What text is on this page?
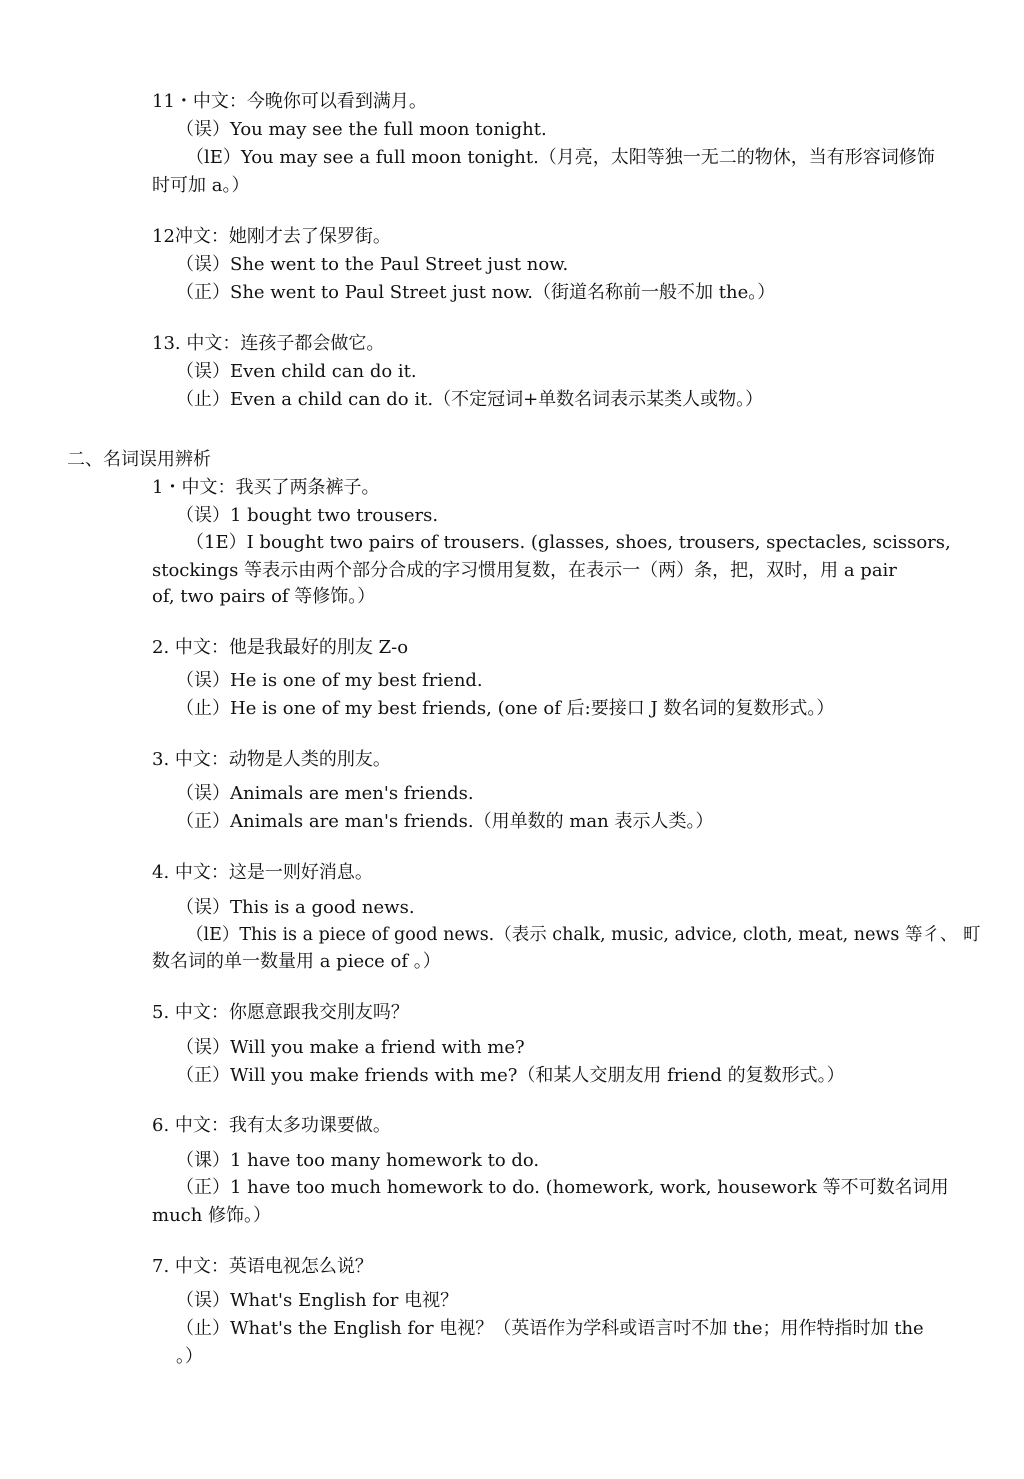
11・中文：今晚你可以看到满月。
（误）You may see the full moon tonight.
（lE）You may see a full moon tonight.（月亮，太阳等独一无二的物休，当有形容词修饰
时可加 a。）
12冲文：她刚才去了保罗街。
（误）She went to the Paul Street just now.
（正）She went to Paul Street just now.（街道名称前一般不加 the。）
13. 中文：连孩子都会做它。
（误）Even child can do it.
（止）Even a child can do it.（不定冠词+单数名词表示某类人或物。）
二、名词误用辨析
1・中文：我买了两条裤子。
（误）1 bought two trousers.
（1E）I bought two pairs of trousers. (glasses, shoes, trousers, spectacles, scissors,
stockings 等表示由两个部分合成的字习惯用复数，在表示一（两）条，把，双时，用 a pair
of, two pairs of 等修饰。）
2. 中文：他是我最好的刖友 Z-o
（误）He is one of my best friend.
（止）He is one of my best friends, (one of 后:要接口 J 数名词的复数形式。）
3. 中文：动物是人类的刖友。
（误）Animals are men's friends.
（正）Animals are man's friends.（用单数的 man 表示人类。）
4. 中文：这是一则好消息。
（误）This is a good news.
（lE）This is a piece of good news.（表示 chalk, music, advice, cloth, meat, news 等彳、 町
数名词的单一数量用 a piece of 。）
5. 中文：你愿意跟我交刖友吗？
（误）Will you make a friend with me?
（正）Will you make friends with me?（和某人交朋友用 friend 的复数形式。）
6. 中文：我有太多功课要做。
（课）1 have too many homework to do.
（正）1 have too much homework to do. (homework, work, housework 等不可数名词用
much 修饰。）
7. 中文：英语电视怎么说？
（误）What's English for 电视？
（止）What's the English for 电视？（英语作为学科或语言吋不加 the；用作特指时加 the
。）
